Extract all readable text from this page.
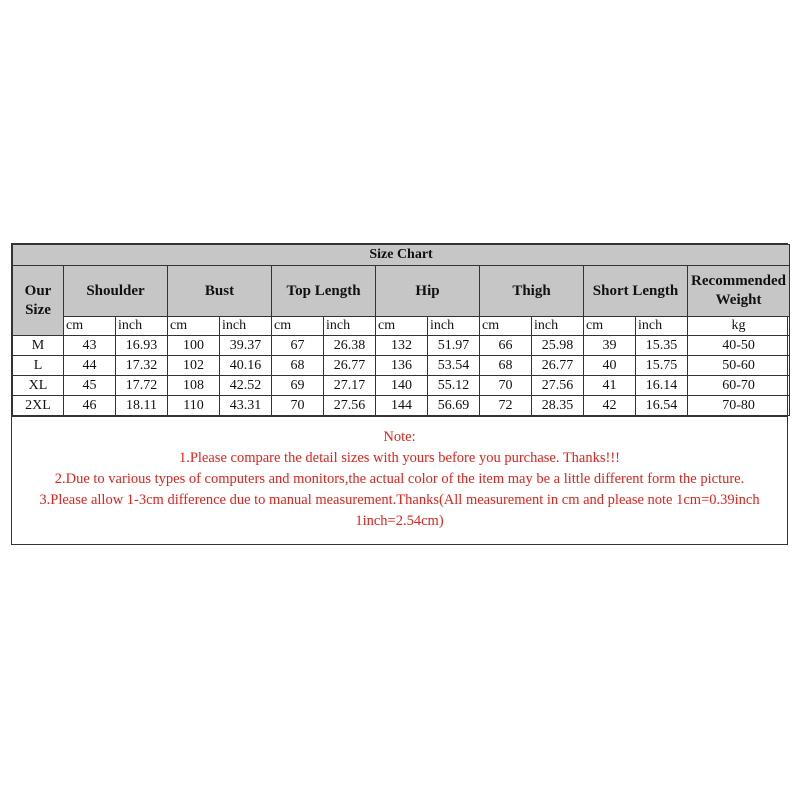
Size Chart													
Our Size	Shoulder		Bust		Top Length		Hip		Thigh		Short Length		Recommended Weight
	cm	inch	cm	inch	cm	inch	cm	inch	cm	inch	cm	inch	kg
M	43	16.93	100	39.37	67	26.38	132	51.97	66	25.98	39	15.35	40-50
L	44	17.32	102	40.16	68	26.77	136	53.54	68	26.77	40	15.75	50-60
XL	45	17.72	108	42.52	69	27.17	140	55.12	70	27.56	41	16.14	60-70
2XL	46	18.11	110	43.31	70	27.56	144	56.69	72	28.35	42	16.54	70-80
Note:
1.Please compare the detail sizes with yours before you purchase. Thanks!!!
2.Due to various types of computers and monitors,the actual color of the item may be a little different form the picture.
3.Please allow 1-3cm difference due to manual measurement.Thanks(All measurement in cm and please note 1cm=0.39inch 1inch=2.54cm)
